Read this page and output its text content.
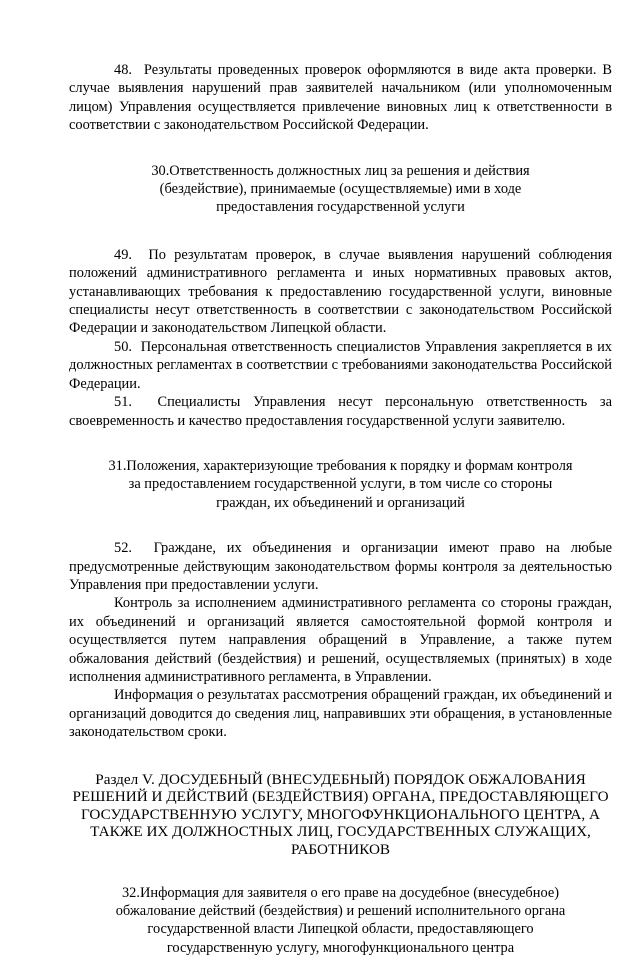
48.  Результаты проведенных проверок оформляются в виде акта проверки. В случае выявления нарушений прав заявителей начальником (или уполномоченным лицом) Управления осуществляется привлечение виновных лиц к ответственности в соответствии с законодательством Российской Федерации.

30.Ответственность должностных лиц за решения и действия (бездействие), принимаемые (осуществляемые) ими в ходе предоставления государственной услуги

49.  По результатам проверок, в случае выявления нарушений соблюдения положений административного регламента и иных нормативных правовых актов, устанавливающих требования к предоставлению государственной услуги, виновные специалисты несут ответственность в соответствии с законодательством Российской Федерации и законодательством Липецкой области.

50.  Персональная ответственность специалистов Управления закрепляется в их должностных регламентах в соответствии с требованиями законодательства Российской Федерации.

51.  Специалисты Управления несут персональную ответственность за своевременность и качество предоставления государственной услуги заявителю.

31.Положения, характеризующие требования к порядку и формам контроля за предоставлением государственной услуги, в том числе со стороны граждан, их объединений и организаций

52.  Граждане, их объединения и организации имеют право на любые предусмотренные действующим законодательством формы контроля за деятельностью Управления при предоставлении услуги.

Контроль за исполнением административного регламента со стороны граждан, их объединений и организаций является самостоятельной формой контроля и осуществляется путем направления обращений в Управление, а также путем обжалования действий (бездействия) и решений, осуществляемых (принятых) в ходе исполнения административного регламента, в Управлении.

Информация о результатах рассмотрения обращений граждан, их объединений и организаций доводится до сведения лиц, направивших эти обращения, в установленные законодательством сроки.

Раздел V. ДОСУДЕБНЫЙ (ВНЕСУДЕБНЫЙ) ПОРЯДОК ОБЖАЛОВАНИЯ РЕШЕНИЙ И ДЕЙСТВИЙ (БЕЗДЕЙСТВИЯ) ОРГАНА, ПРЕДОСТАВЛЯЮЩЕГО ГОСУДАРСТВЕННУЮ УСЛУГУ, МНОГОФУНКЦИОНАЛЬНОГО ЦЕНТРА, А ТАКЖЕ ИХ ДОЛЖНОСТНЫХ ЛИЦ, ГОСУДАРСТВЕННЫХ СЛУЖАЩИХ, РАБОТНИКОВ

32.Информация для заявителя о его праве на досудебное (внесудебное) обжалование действий (бездействия) и решений исполнительного органа государственной власти Липецкой области, предоставляющего государственную услугу, многофункционального центра
